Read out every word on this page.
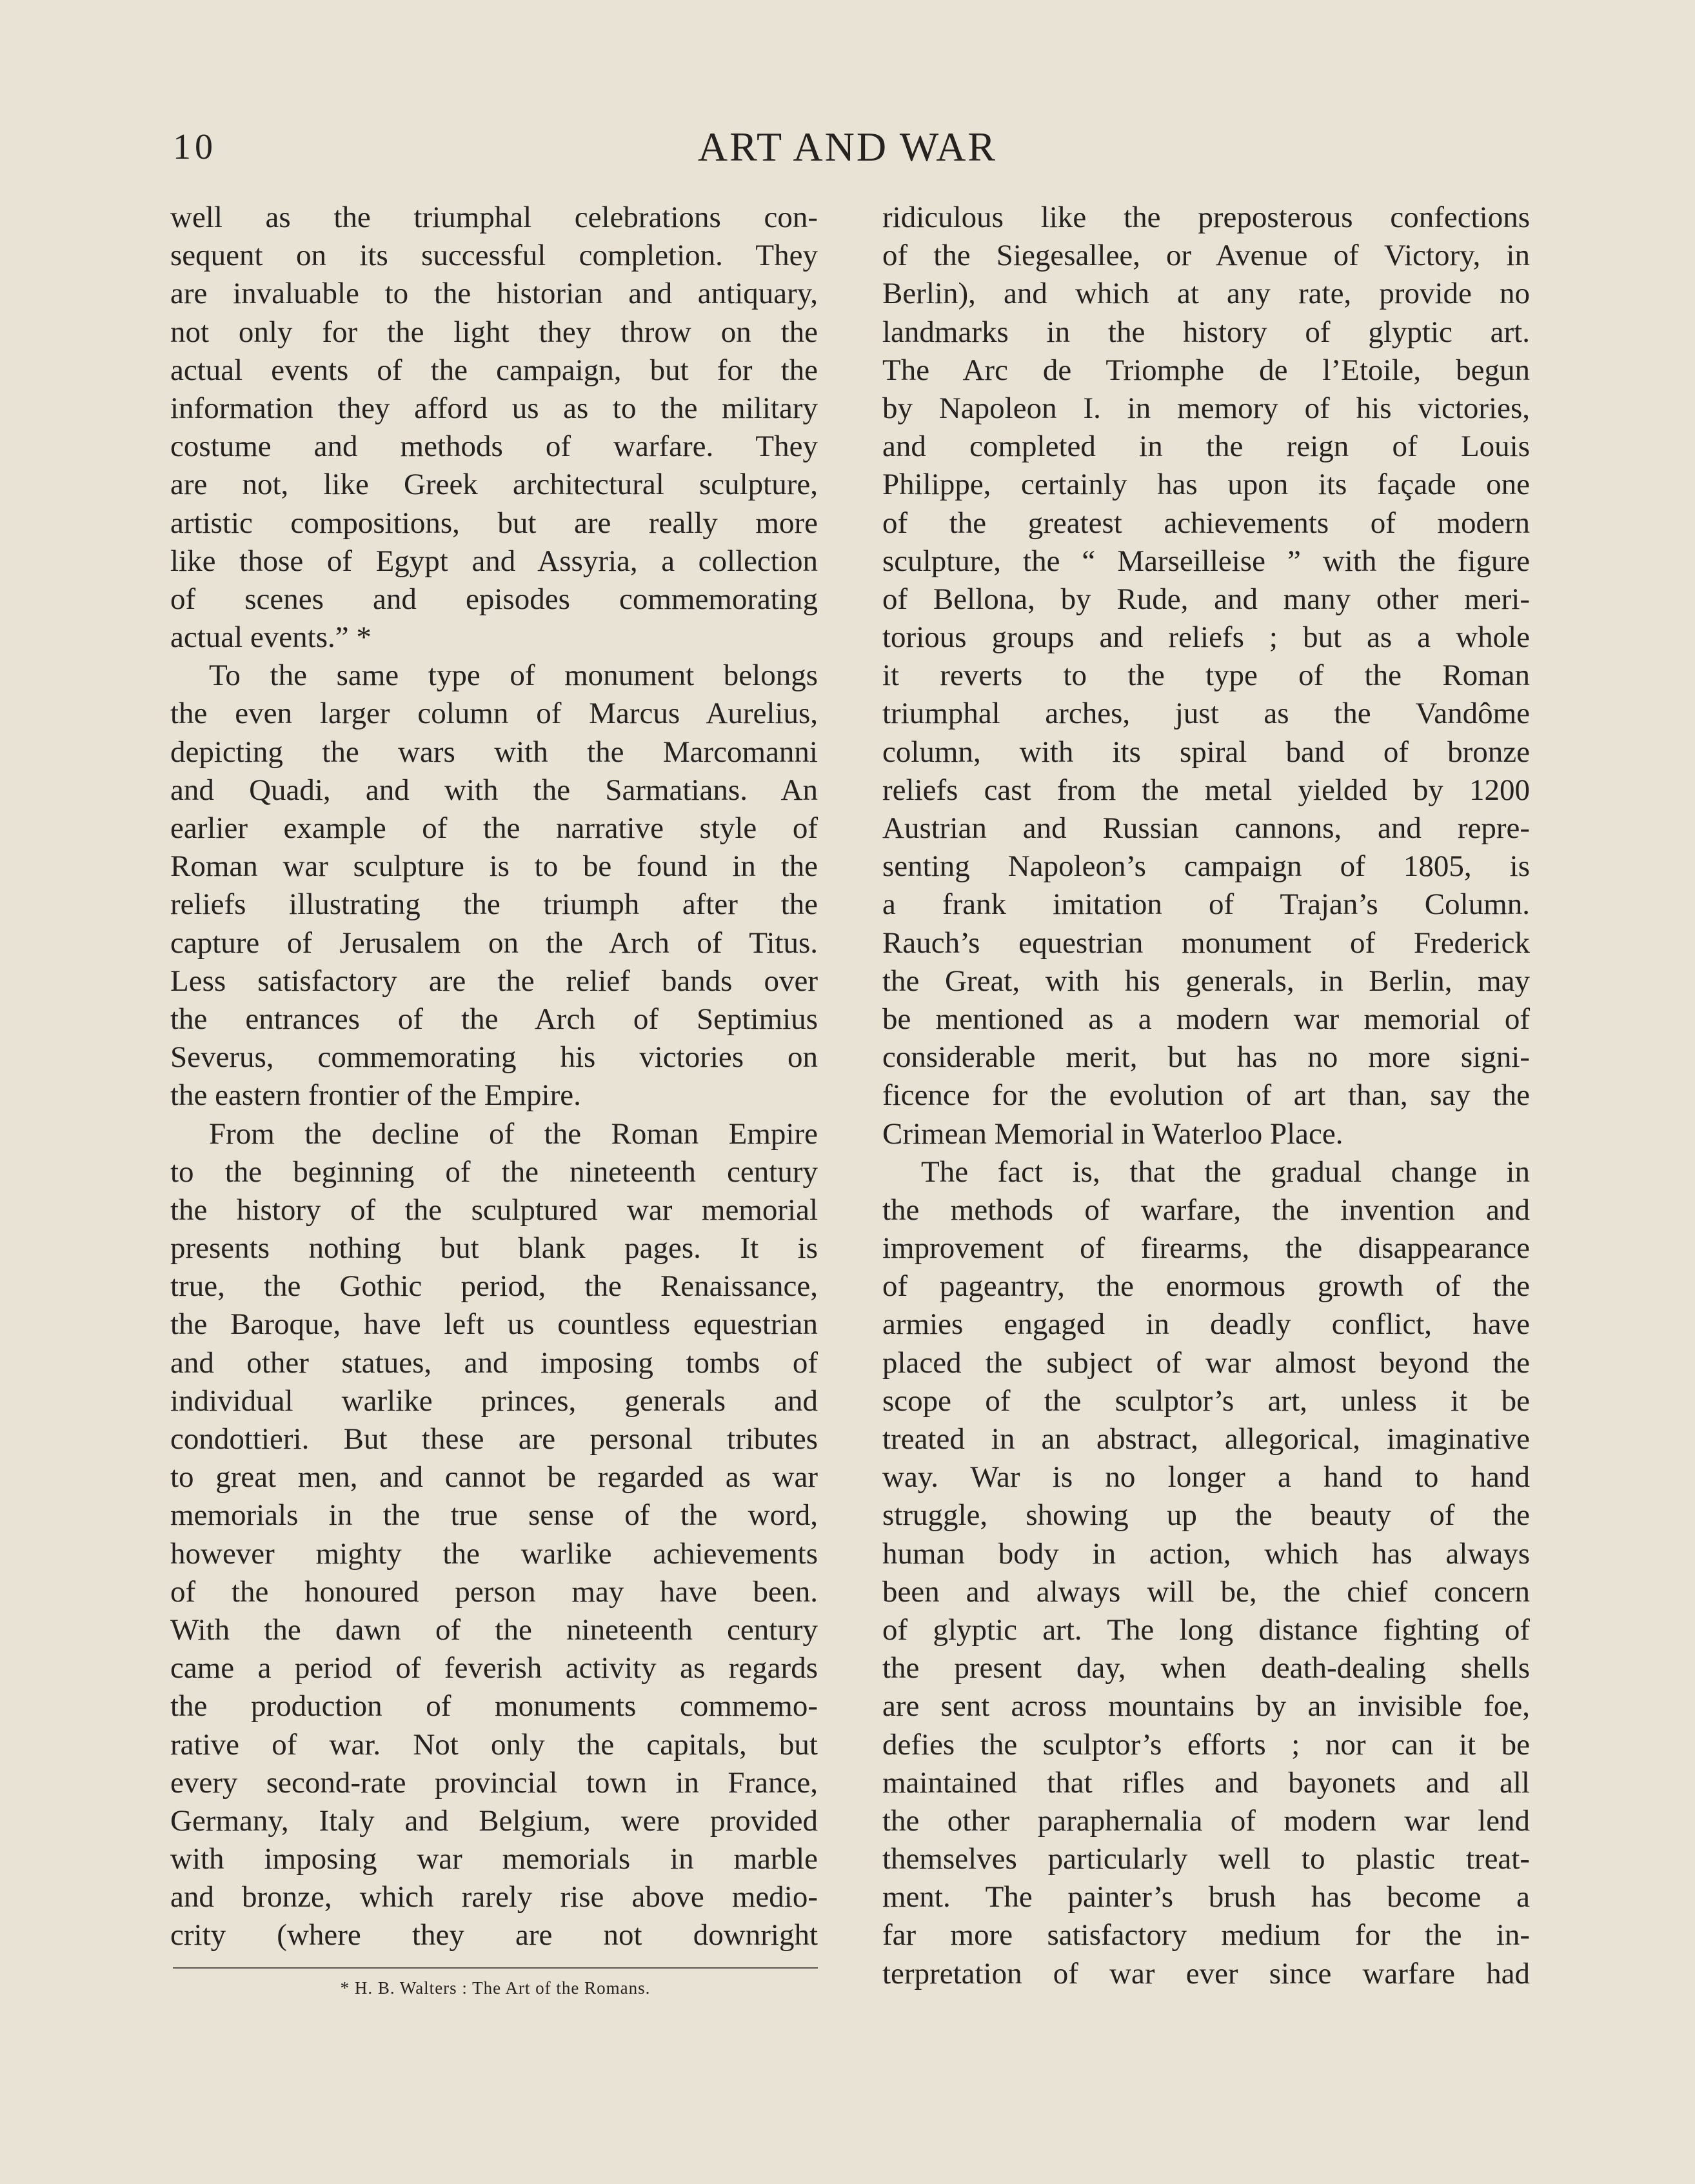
10	ART AND WAR
well as the triumphal celebrations con-
sequent on its successful completion. They
are invaluable to the historian and antiquary,
not only for the light they throw on the
actual events of the campaign, but for the
information they afford us as to the military
costume and methods of warfare. They
are not, like Greek architectural sculpture,
artistic compositions, but are really more
like those of Egypt and Assyria, a collection
of scenes and episodes commemorating
actual events.” *
To the same type of monument belongs
the even larger column of Marcus Aurelius,
depicting the wars with the Marcomanni
and Quadi, and with the Sarmatians. An
earlier example of the narrative style of
Roman war sculpture is to be found in the
reliefs illustrating the triumph after the
capture of Jerusalem on the Arch of Titus.
Less satisfactory are the relief bands over
the entrances of the Arch of Septimius
Severus, commemorating his victories on
the eastern frontier of the Empire.
From the decline of the Roman Empire
to the beginning of the nineteenth century
the history of the sculptured war memorial
presents nothing but blank pages. It is
true, the Gothic period, the Renaissance,
the Baroque, have left us countless equestrian
and other statues, and imposing tombs of
individual warlike princes, generals and
condottieri. But these are personal tributes
to great men, and cannot be regarded as war
memorials in the true sense of the word,
however mighty the warlike achievements
of the honoured person may have been.
With the dawn of the nineteenth century
came a period of feverish activity as regards
the production of monuments commemo-
rative of war. Not only the capitals, but
every second-rate provincial town in France,
Germany, Italy and Belgium, were provided
with imposing war memorials in marble
and bronze, which rarely rise above medio-
crity (where they are not downright
ridiculous like the preposterous confections
of the Siegesallee, or Avenue of Victory, in
Berlin), and which at any rate, provide no
landmarks in the history of glyptic art.
The Arc de Triomphe de l’Etoile, begun
by Napoleon I. in memory of his victories,
and completed in the reign of Louis
Philippe, certainly has upon its façade one
of the greatest achievements of modern
sculpture, the “ Marseilleise ” with the figure
of Bellona, by Rude, and many other meri-
torious groups and reliefs ; but as a whole
it reverts to the type of the Roman
triumphal arches, just as the Vandôme
column, with its spiral band of bronze
reliefs cast from the metal yielded by 1200
Austrian and Russian cannons, and repre-
senting Napoleon’s campaign of 1805, is
a frank imitation of Trajan’s Column.
Rauch’s equestrian monument of Frederick
the Great, with his generals, in Berlin, may
be mentioned as a modern war memorial of
considerable merit, but has no more signi-
ficence for the evolution of art than, say the
Crimean Memorial in Waterloo Place.
The fact is, that the gradual change in
the methods of warfare, the invention and
improvement of firearms, the disappearance
of pageantry, the enormous growth of the
armies engaged in deadly conflict, have
placed the subject of war almost beyond the
scope of the sculptor’s art, unless it be
treated in an abstract, allegorical, imaginative
way. War is no longer a hand to hand
struggle, showing up the beauty of the
human body in action, which has always
been and always will be, the chief concern
of glyptic art. The long distance fighting of
the present day, when death-dealing shells
are sent across mountains by an invisible foe,
defies the sculptor’s efforts ; nor can it be
maintained that rifles and bayonets and all
the other paraphernalia of modern war lend
themselves particularly well to plastic treat-
ment. The painter’s brush has become a
far more satisfactory medium for the in-
terpretation of war ever since warfare had
* H. B. Walters : The Art of the Romans.
